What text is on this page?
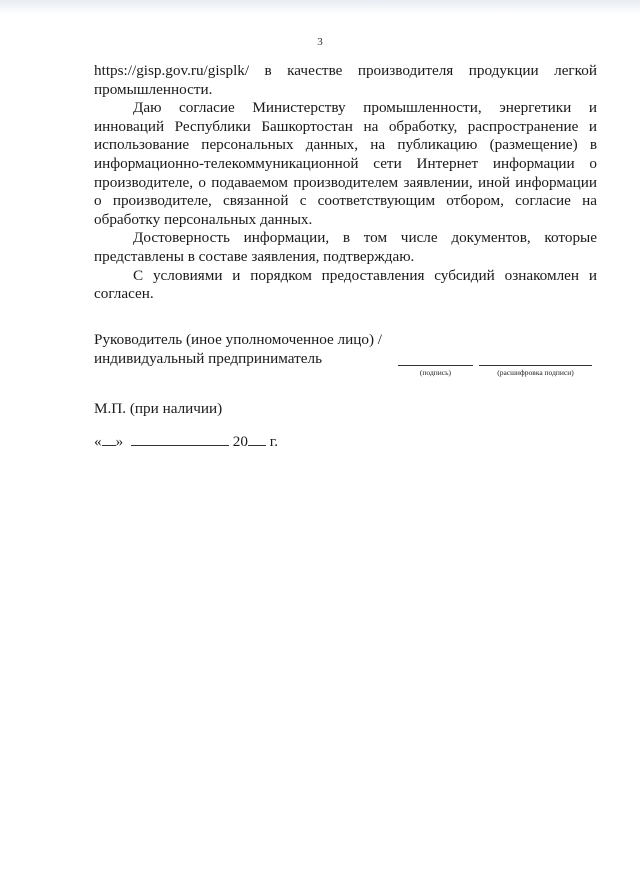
3

https://gisp.gov.ru/gisplk/ в качестве производителя продукции легкой промышленности.

Даю согласие Министерству промышленности, энергетики и инноваций Республики Башкортостан на обработку, распространение и использование персональных данных, на публикацию (размещение) в информационно-телекоммуникационной сети Интернет информации о производителе, о подаваемом производителем заявлении, иной информации о производителе, связанной с соответствующим отбором, согласие на обработку персональных данных.

Достоверность информации, в том числе документов, которые представлены в составе заявления, подтверждаю.

С условиями и порядком предоставления субсидий ознакомлен и согласен.

Руководитель (иное уполномоченное лицо) /
индивидуальный предприниматель
(подпись)	(расшифровка подписи)
М.П. (при наличии)
« »	20 г.
